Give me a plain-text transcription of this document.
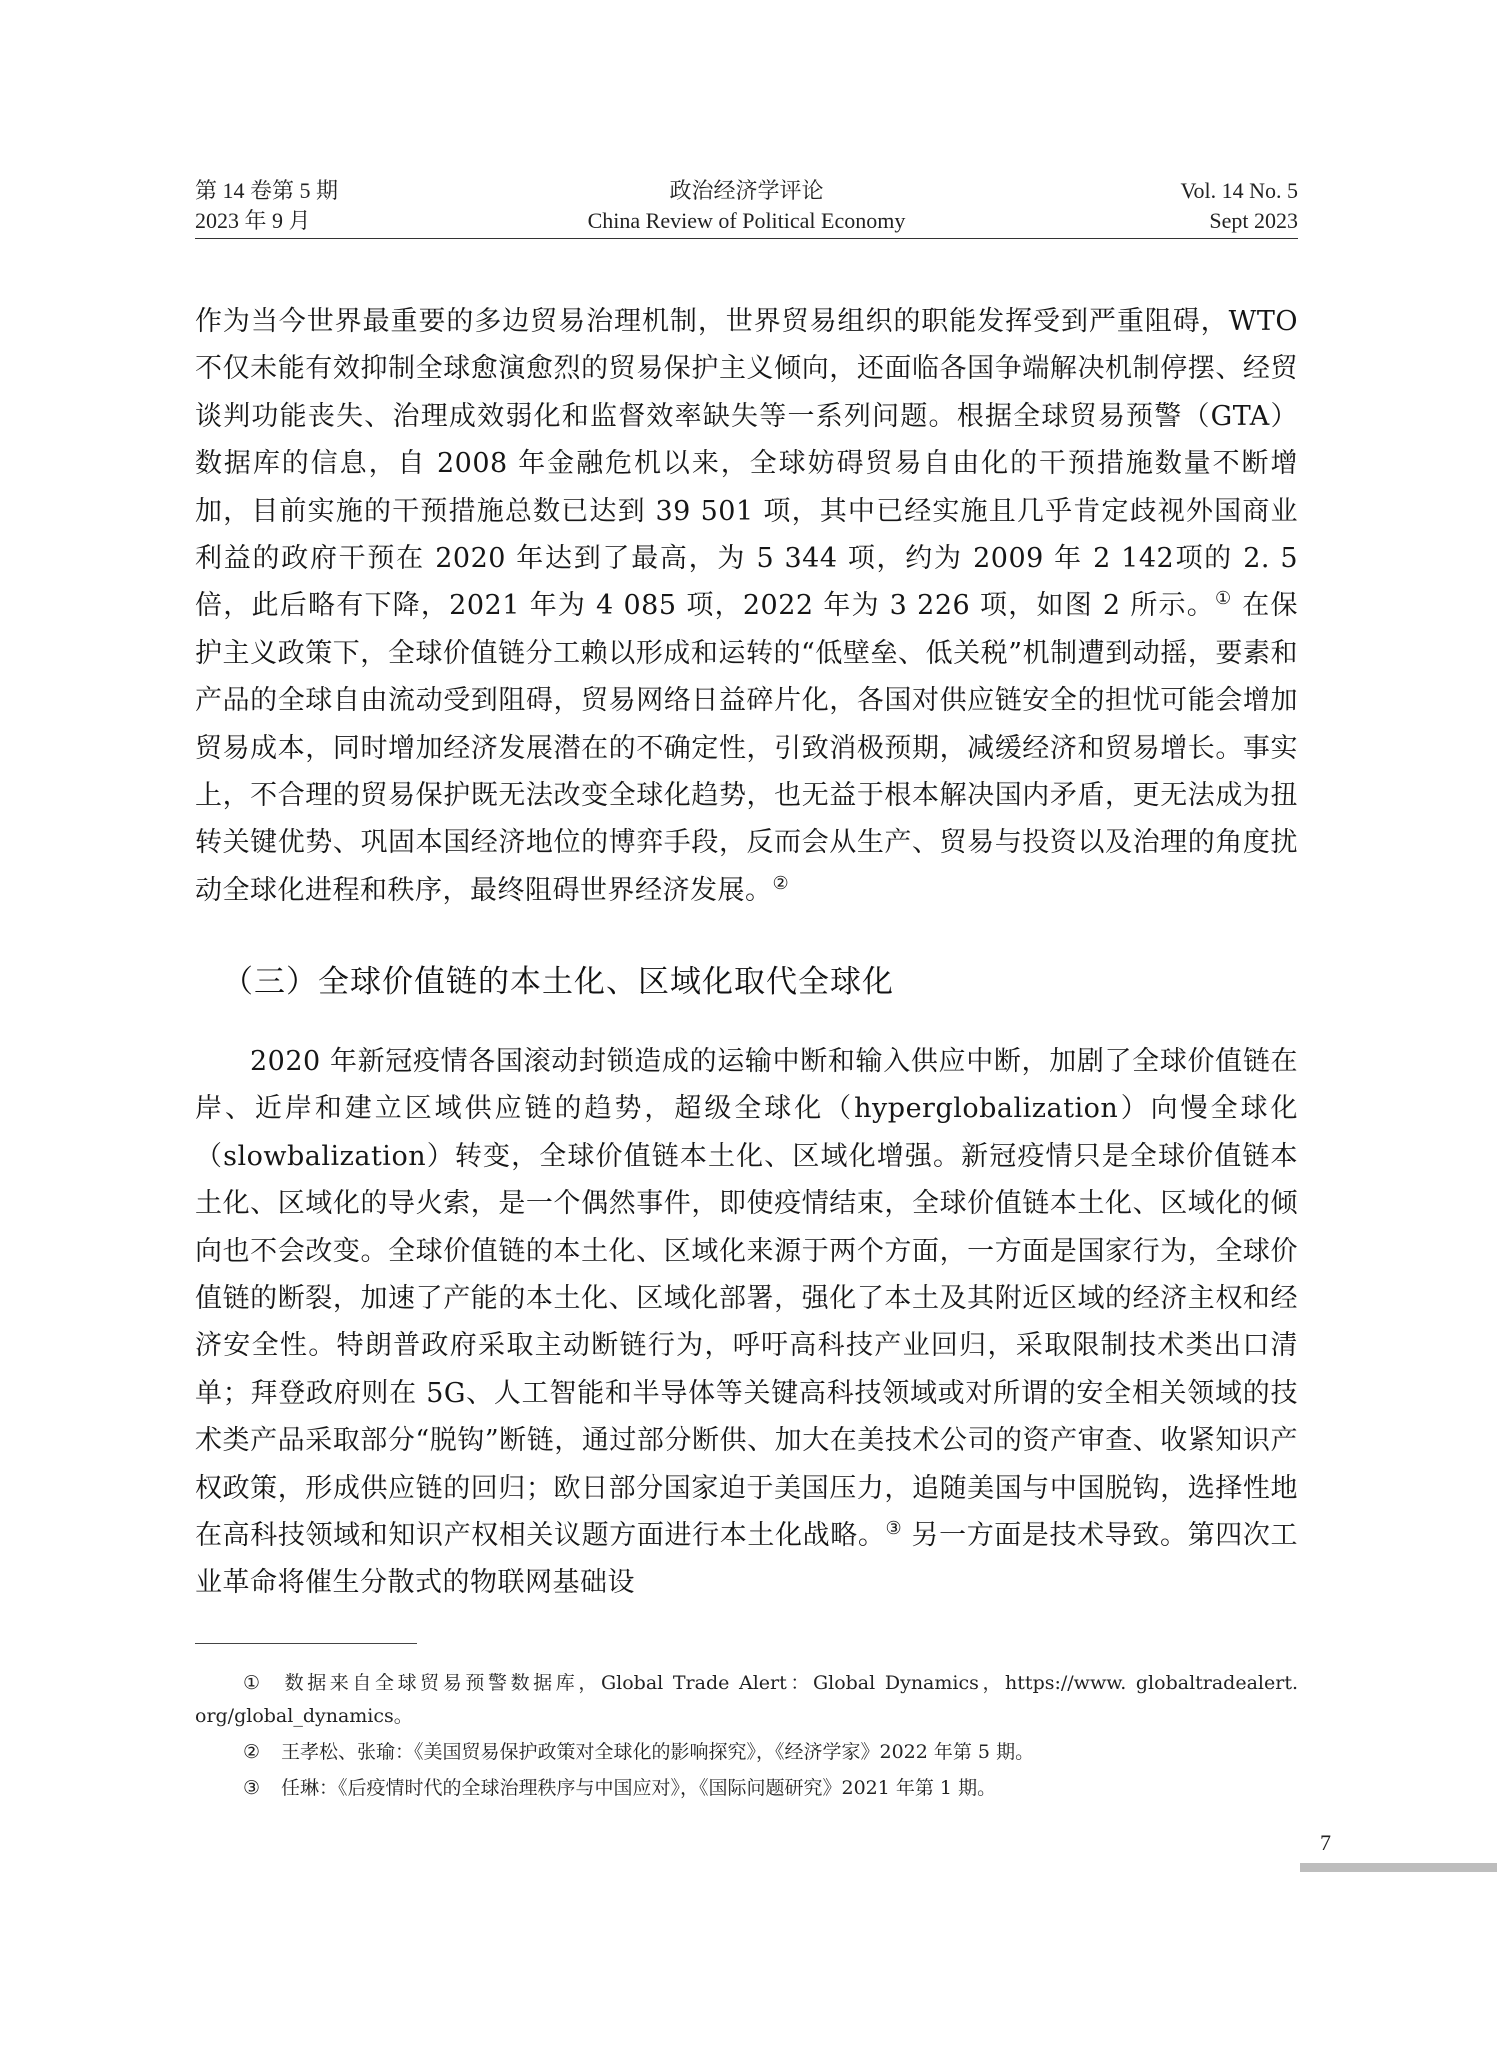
第 14 卷第 5 期
2023 年 9 月
政治经济学评论
China Review of Political Economy
Vol. 14 No. 5
Sept 2023
作为当今世界最重要的多边贸易治理机制，世界贸易组织的职能发挥受到严重阻碍，WTO 不仅未能有效抑制全球愈演愈烈的贸易保护主义倾向，还面临各国争端解决机制停摆、经贸谈判功能丧失、治理成效弱化和监督效率缺失等一系列问题。根据全球贸易预警（GTA）数据库的信息，自 2008 年金融危机以来，全球妨碍贸易自由化的干预措施数量不断增加，目前实施的干预措施总数已达到 39 501 项，其中已经实施且几乎肯定歧视外国商业利益的政府干预在 2020 年达到了最高，为 5 344 项，约为 2009 年 2 142项的 2. 5 倍，此后略有下降，2021 年为 4 085 项，2022 年为 3 226 项，如图 2 所示。① 在保护主义政策下，全球价值链分工赖以形成和运转的“低壁垒、低关税”机制遭到动摇，要素和产品的全球自由流动受到阻碍，贸易网络日益碎片化，各国对供应链安全的担忧可能会增加贸易成本，同时增加经济发展潜在的不确定性，引致消极预期，减缓经济和贸易增长。事实上，不合理的贸易保护既无法改变全球化趋势，也无益于根本解决国内矛盾，更无法成为扭转关键优势、巩固本国经济地位的博弈手段，反而会从生产、贸易与投资以及治理的角度扰动全球化进程和秩序，最终阻碍世界经济发展。②
（三）全球价值链的本土化、区域化取代全球化
2020 年新冠疫情各国滚动封锁造成的运输中断和输入供应中断，加剧了全球价值链在岸、近岸和建立区域供应链的趋势，超级全球化（hyperglobalization）向慢全球化（slowbalization）转变，全球价值链本土化、区域化增强。新冠疫情只是全球价值链本土化、区域化的导火索，是一个偶然事件，即使疫情结束，全球价值链本土化、区域化的倾向也不会改变。全球价值链的本土化、区域化来源于两个方面，一方面是国家行为，全球价值链的断裂，加速了产能的本土化、区域化部署，强化了本土及其附近区域的经济主权和经济安全性。特朗普政府采取主动断链行为，呼吁高科技产业回归，采取限制技术类出口清单；拜登政府则在 5G、人工智能和半导体等关键高科技领域或对所谓的安全相关领域的技术类产品采取部分“脱钩”断链，通过部分断供、加大在美技术公司的资产审查、收紧知识产权政策，形成供应链的回归；欧日部分国家迫于美国压力，追随美国与中国脱钩，选择性地在高科技领域和知识产权相关议题方面进行本土化战略。③ 另一方面是技术导致。第四次工业革命将催生分散式的物联网基础设

① 数据来自全球贸易预警数据库，Global Trade Alert：Global Dynamics，https://www. globaltradealert. org/global_dynamics。

② 王孝松、张瑜：《美国贸易保护政策对全球化的影响探究》，《经济学家》2022 年第 5 期。

③ 任琳：《后疫情时代的全球治理秩序与中国应对》，《国际问题研究》2021 年第 1 期。

7
